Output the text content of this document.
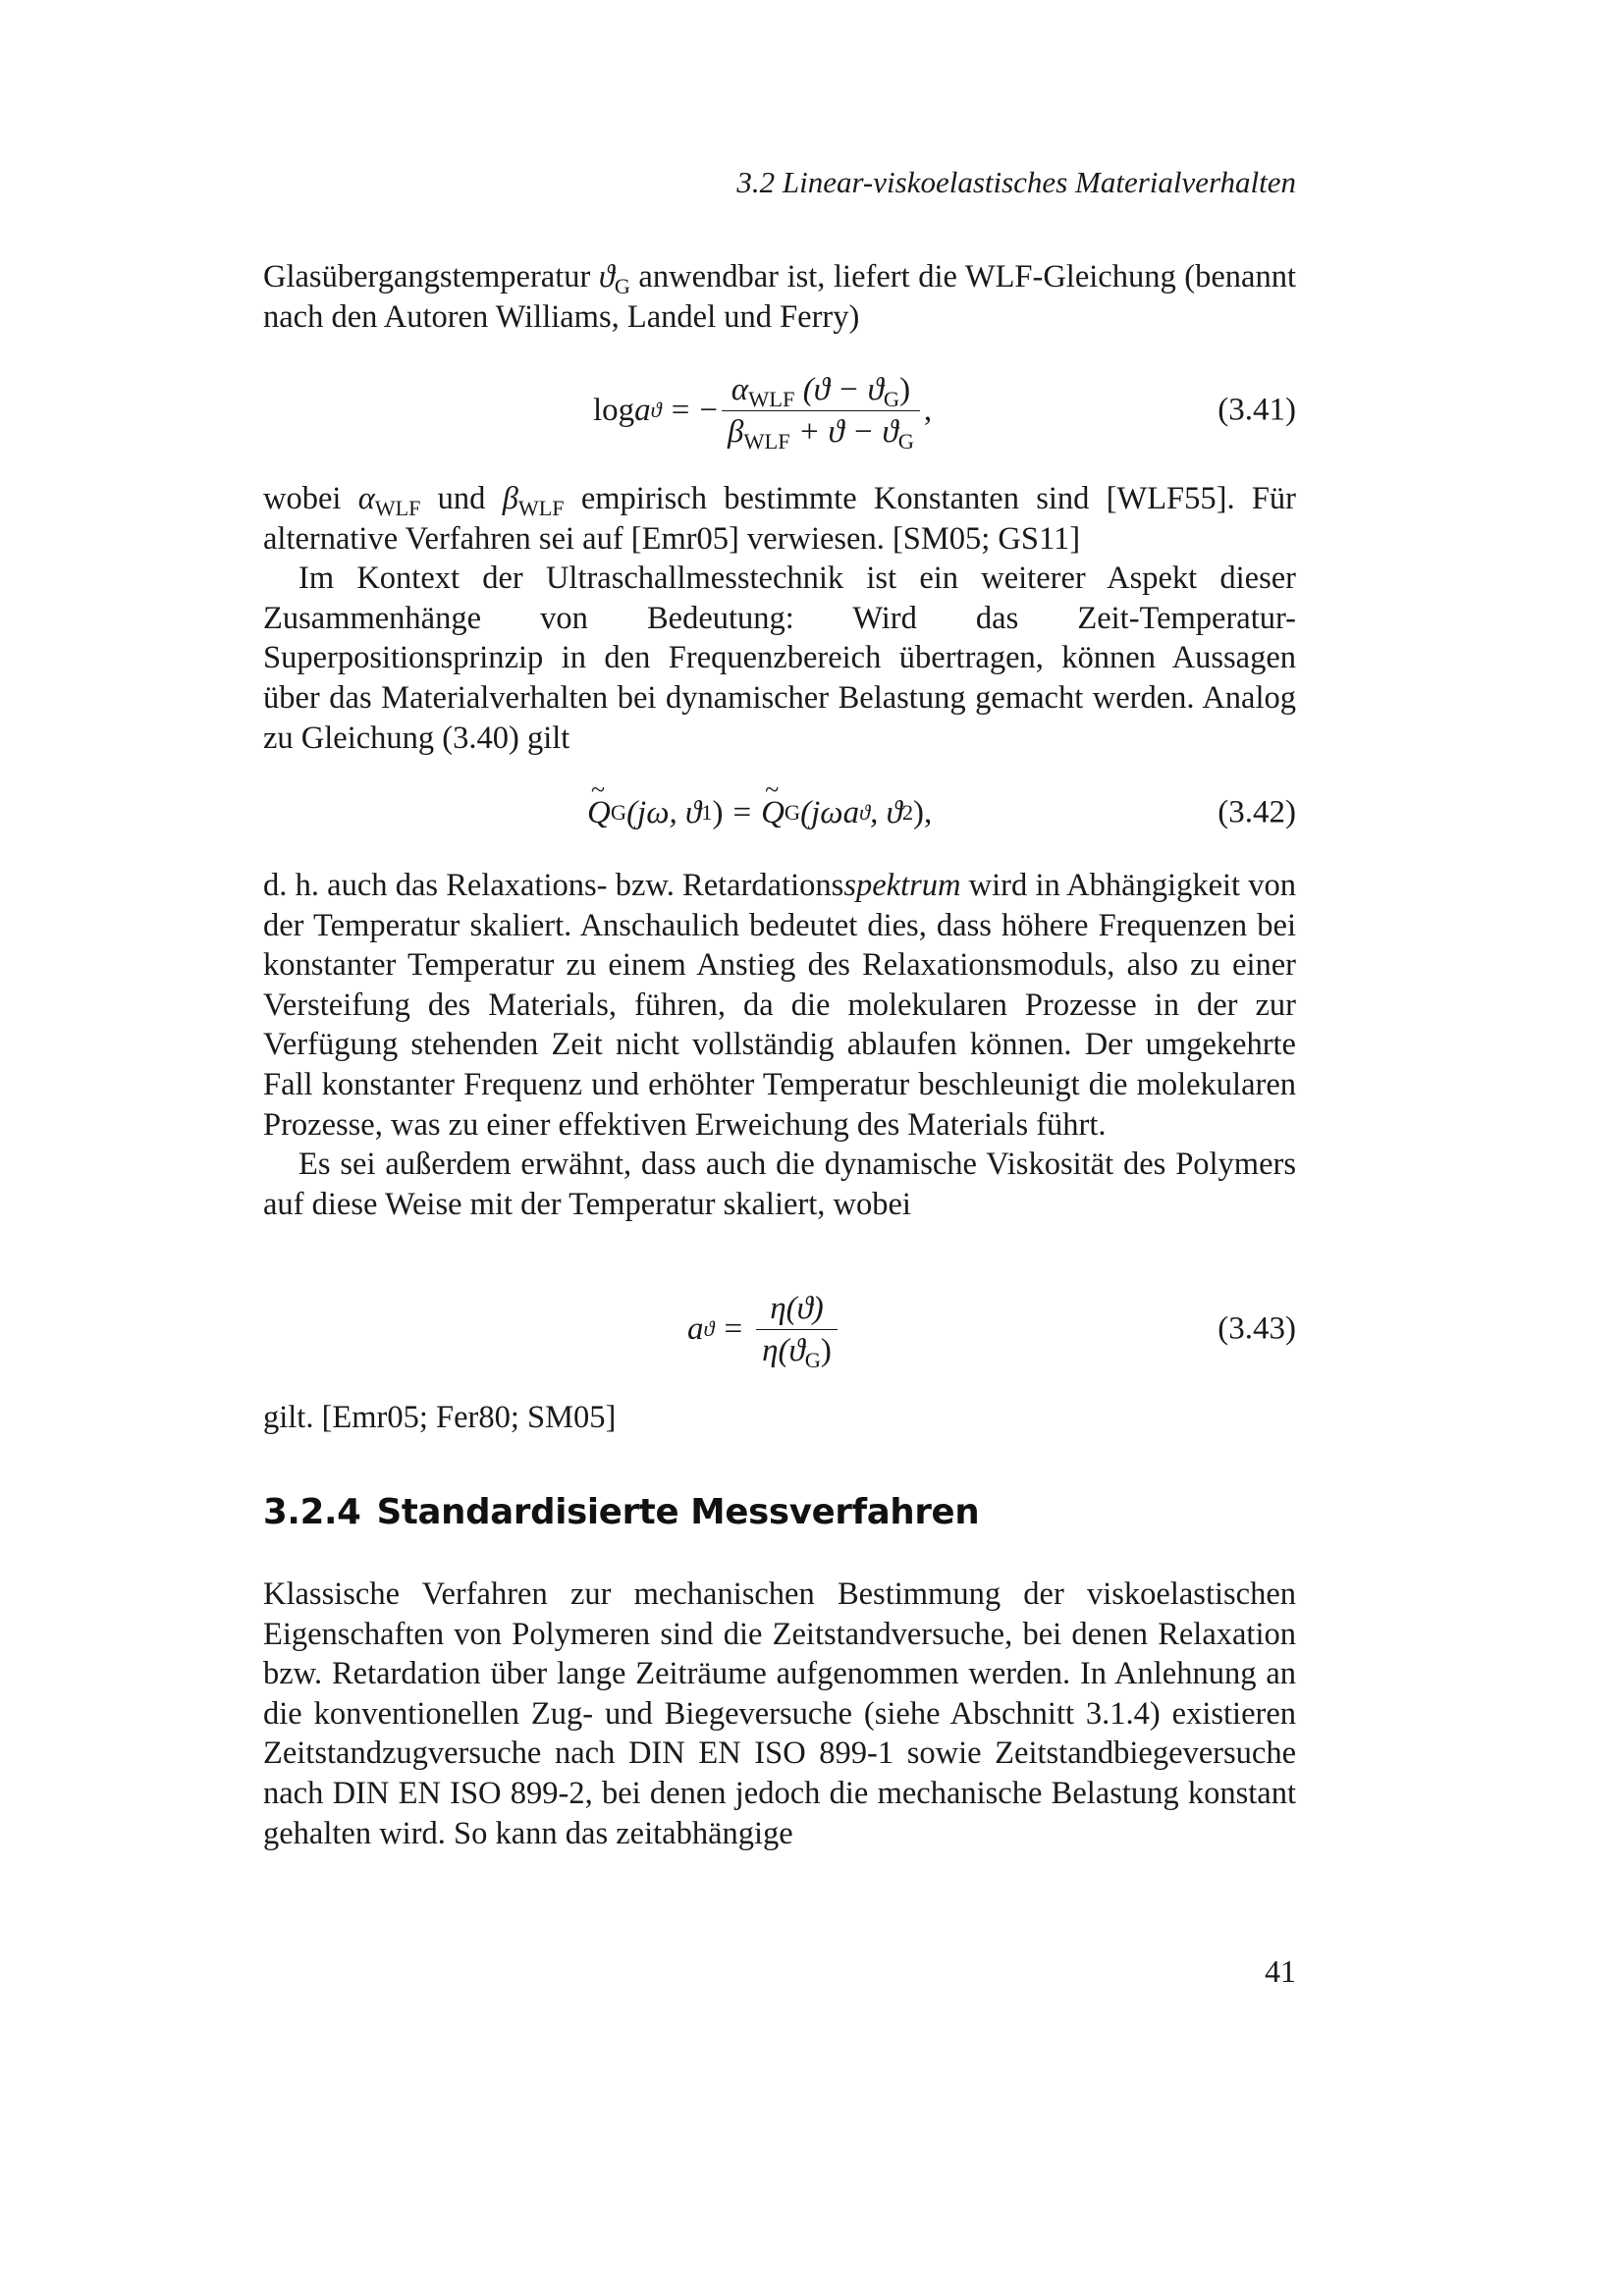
3.2 Linear-viskoelastisches Materialverhalten

Glasübergangstemperatur $ϑ_G$ anwendbar ist, liefert die WLF-Gleichung (benannt nach den Autoren Williams, Landel und Ferry)

log a ϑ = − $\frac{\alpha_{WLF} (ϑ - ϑ_G)}{\beta_{WLF} + ϑ - ϑ_G}$ ,	(3.41)

wobei $\alpha_{WLF}$ und $\beta_{WLF}$ empirisch bestimmte Konstanten sind [WLF55]. Für alternative Verfahren sei auf [Emr05] verwiesen. [SM05; GS11]

Im Kontext der Ultraschallmesstechnik ist ein weiterer Aspekt dieser Zusammenhänge von Bedeutung: Wird das Zeit-Temperatur-Superpositionsprinzip in den Frequenzbereich übertragen, können Aussagen über das Materialverhalten bei dynamischer Belastung gemacht werden. Analog zu Gleichung (3.40) gilt

~ Q G (jω, ϑ 1 ) =
~ Q G (jωa ϑ , ϑ 2 ),	(3.42)

d. h. auch das Relaxations- bzw. Retardationsspektrum wird in Abhängigkeit von der Temperatur skaliert. Anschaulich bedeutet dies, dass höhere Frequenzen bei konstanter Temperatur zu einem Anstieg des Relaxationsmoduls, also zu einer Versteifung des Materials, führen, da die molekularen Prozesse in der zur Verfügung stehenden Zeit nicht vollständig ablaufen können. Der umgekehrte Fall konstanter Frequenz und erhöhter Temperatur beschleunigt die molekularen Prozesse, was zu einer effektiven Erweichung des Materials führt.

Es sei außerdem erwähnt, dass auch die dynamische Viskosität des Polymers auf diese Weise mit der Temperatur skaliert, wobei

a $ϑ = \frac{\eta(ϑ)}{\eta(ϑ_G)}$	(3.43)

gilt. [Emr05; Fer80; SM05]

3.2.4 Standardisierte Messverfahren

Klassische Verfahren zur mechanischen Bestimmung der viskoelastischen Eigenschaften von Polymeren sind die Zeitstandversuche, bei denen Relaxation bzw. Retardation über lange Zeiträume aufgenommen werden. In Anlehnung an die konventionellen Zug- und Biegeversuche (siehe Abschnitt 3.1.4) existieren Zeitstandzugversuche nach DIN EN ISO 899-1 sowie Zeitstandbiegeversuche nach DIN EN ISO 899-2, bei denen jedoch die mechanische Belastung konstant gehalten wird. So kann das zeitabhängige

41
